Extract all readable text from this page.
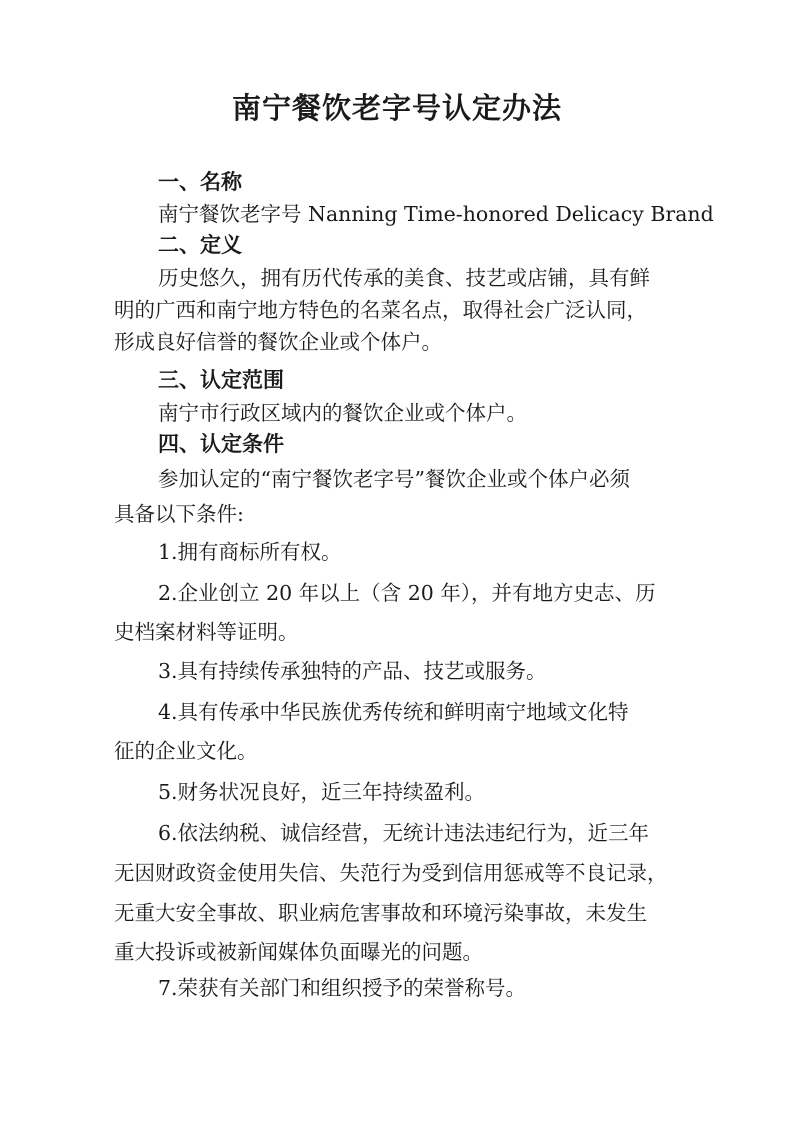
南宁餐饮老字号认定办法
一、名称
南宁餐饮老字号 Nanning Time-honored Delicacy Brand
二、定义
历史悠久，拥有历代传承的美食、技艺或店铺，具有鲜
明的广西和南宁地方特色的名菜名点，取得社会广泛认同，
形成良好信誉的餐饮企业或个体户。
三、认定范围
南宁市行政区域内的餐饮企业或个体户。
四、认定条件
参加认定的“南宁餐饮老字号”餐饮企业或个体户必须
具备以下条件:
1.拥有商标所有权。
2.企业创立 20 年以上（含 20 年），并有地方史志、历
史档案材料等证明。
3.具有持续传承独特的产品、技艺或服务。
4.具有传承中华民族优秀传统和鲜明南宁地域文化特
征的企业文化。
5.财务状况良好，近三年持续盈利。
6.依法纳税、诚信经营，无统计违法违纪行为，近三年
无因财政资金使用失信、失范行为受到信用惩戒等不良记录，
无重大安全事故、职业病危害事故和环境污染事故，未发生
重大投诉或被新闻媒体负面曝光的问题。
7.荣获有关部门和组织授予的荣誉称号。
